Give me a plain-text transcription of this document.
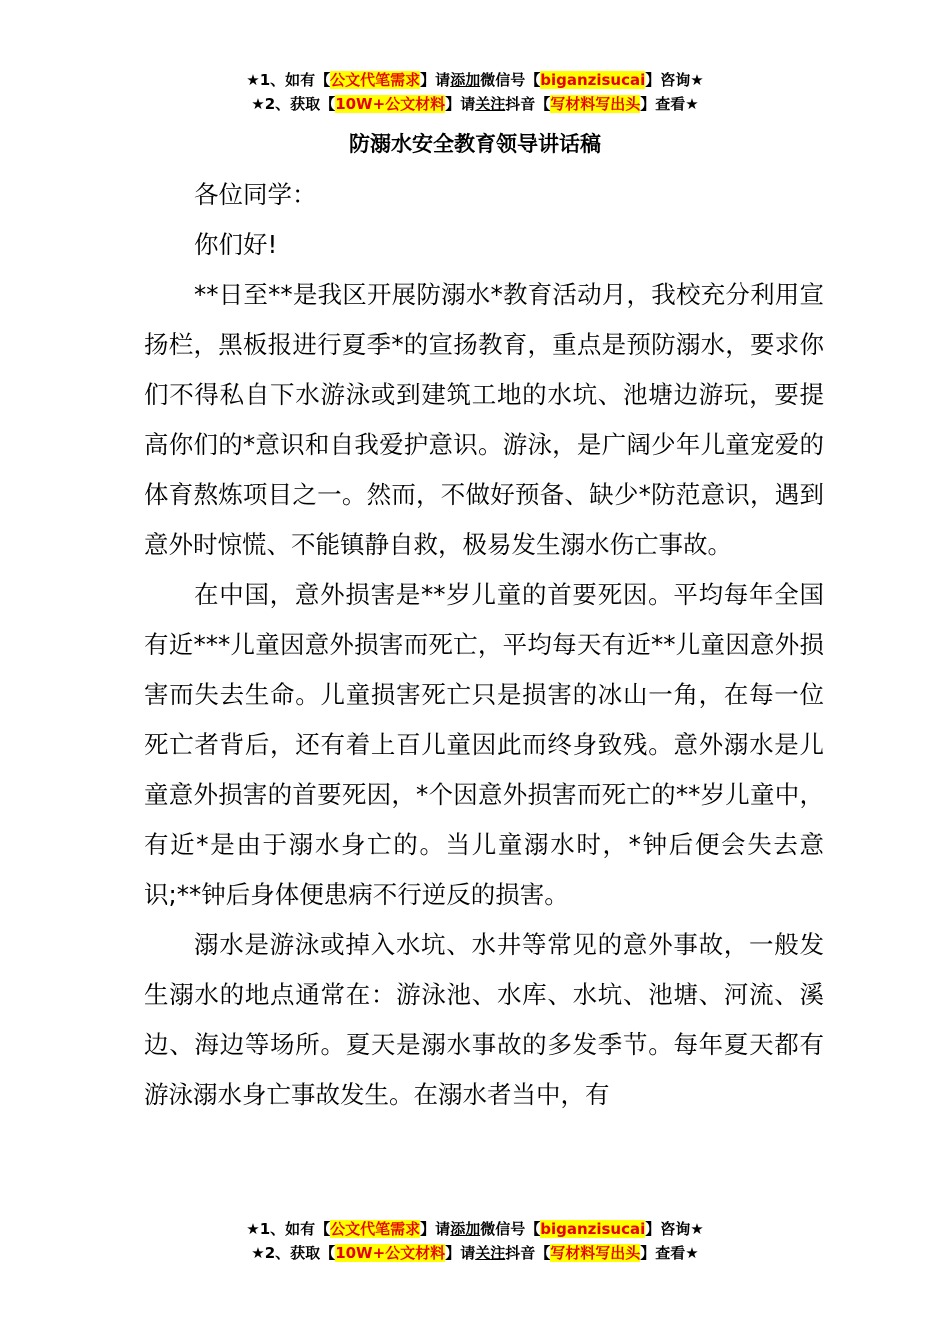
★1、如有【公文代笔需求】请添加微信号【biganzisucai】咨询★
★2、获取【10W+公文材料】请关注抖音【写材料写出头】查看★
防溺水安全教育领导讲话稿

各位同学：

你们好!

**日至**是我区开展防溺水*教育活动月，我校充分利用宣扬栏，黑板报进行夏季*的宣扬教育，重点是预防溺水，要求你们不得私自下水游泳或到建筑工地的水坑、池塘边游玩，要提高你们的*意识和自我爱护意识。游泳，是广阔少年儿童宠爱的体育熬炼项目之一。然而，不做好预备、缺少*防范意识，遇到意外时惊慌、不能镇静自救，极易发生溺水伤亡事故。

在中国，意外损害是**岁儿童的首要死因。平均每年全国有近***儿童因意外损害而死亡，平均每天有近**儿童因意外损害而失去生命。儿童损害死亡只是损害的冰山一角，在每一位死亡者背后，还有着上百儿童因此而终身致残。意外溺水是儿童意外损害的首要死因，*个因意外损害而死亡的**岁儿童中，有近*是由于溺水身亡的。当儿童溺水时，*钟后便会失去意识;**钟后身体便患病不行逆反的损害。

溺水是游泳或掉入水坑、水井等常见的意外事故，一般发生溺水的地点通常在：游泳池、水库、水坑、池塘、河流、溪边、海边等场所。夏天是溺水事故的多发季节。每年夏天都有游泳溺水身亡事故发生。在溺水者当中，有

★1、如有【公文代笔需求】请添加微信号【biganzisucai】咨询★
★2、获取【10W+公文材料】请关注抖音【写材料写出头】查看★
